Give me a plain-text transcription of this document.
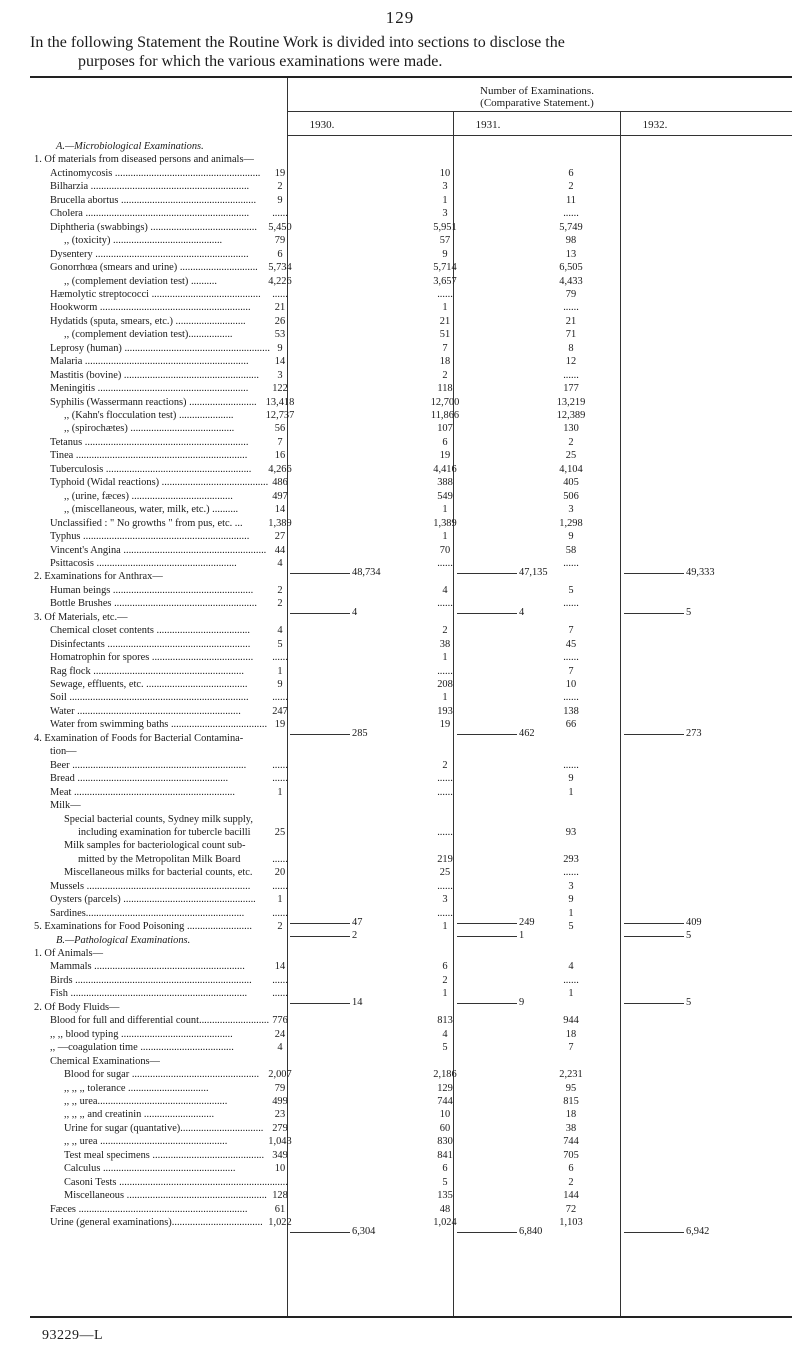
129
In the following Statement the Routine Work is divided into sections to disclose the
purposes for which the various examinations were made.
Number of Examinations.
(Comparative Statement.)
1930.	1931.	1932.
A.—Microbiological Examinations.
1. Of materials from diseased persons and animals—
Actinomycosis ........................................................	19	10	6
Bilharzia .............................................................	2	3	2
Brucella abortus ....................................................	9	1	11
Cholera ...............................................................	......	3	......
Diphtheria (swabbings) .........................................	5,450	5,951	5,749
,, (toxicity) ..........................................	79	57	98
Dysentery ...........................................................	6	9	13
Gonorrhœa (smears and urine) ..............................	5,734	5,714	6,505
,, (complement deviation test) ..........	4,226	3,657	4,433
Hæmolytic streptococci ..........................................	......	......	79
Hookworm ..........................................................	21	1	......
Hydatids (sputa, smears, etc.) ...........................	26	21	21
,, (complement deviation test).................	53	51	71
Leprosy (human) ........................................................ 9	7	8
Malaria ...............................................................	14	18	12
Mastitis (bovine) ....................................................	3	2	......
Meningitis ..........................................................	122	118	177
Syphilis (Wassermann reactions) .......................... 13,418	12,700	13,219
,, (Kahn's flocculation test) .....................	12,737	11,866	12,389
,, (spirochætes) ........................................	56	107	130
Tetanus ...............................................................	7	6	2
Tinea ..................................................................	16	19	25
Tuberculosis ........................................................	4,266	4,416	4,104
Typhoid (Widal reactions) ......................................... 486	388	405
,, (urine, fæces) .......................................	497	549	506
,, (miscellaneous, water, milk, etc.) ..........	14	1	3
Unclassified : " No growths " from pus, etc. ...	1,389	1,389	1,298
Typhus ................................................................	27	1	9
Vincent's Angina ....................................................... 44	70	58
Psittacosis ......................................................	4	......	......
48,734	47,135	49,333
2. Examinations for Anthrax—
Human beings ......................................................	2	4	5
Bottle Brushes .......................................................	2	......	......
4	4	5
3. Of Materials, etc.—
Chemical closet contents ....................................	4	2	7
Disinfectants .......................................................	5	38	45
Homatrophin for spores .......................................	......	1	......
Rag flock ..........................................................	1	......	7
Sewage, effluents, etc. .......................................	9	208	10
Soil .....................................................................	......	1	......
Water ...............................................................	247	193	138
Water from swimming baths ..................................... 19	19	66
285	462	273
4. Examination of Foods for Bacterial Contamina-
tion—
Beer ...................................................................	......	2	......
Bread ..........................................................	......	......	9
Meat ..............................................................	1	......	1
Milk—
Special bacterial counts, Sydney milk supply,
including examination for tubercle bacilli	25	......	93
Milk samples for bacteriological count sub-
mitted by the Metropolitan Milk Board	......	219	293
Miscellaneous milks for bacterial counts, etc.	20	25	......
Mussels ...............................................................	......	......	3
Oysters (parcels) ...................................................	1	3	9
Sardines.............................................................	......	......	1
47	249	409
5. Examinations for Food Poisoning .........................	2	1	5
2	1	5
B.—Pathological Examinations.
1. Of Animals—
Mammals ..........................................................	14	6	4
Birds ....................................................................	......	2	......
Fish ....................................................................	......	1	1
14	9	5
2. Of Body Fluids—
Blood for full and differential count........................... 776	813	944
,, ,, blood typing ...........................................	24	4	18
,, —coagulation time ....................................	4	5	7
Chemical Examinations—
Blood for sugar ................................................. 2,007	2,186	2,231
,, ,, ,, tolerance ...............................	79	129	95
,, ,, urea..................................................	499	744	815
,, ,, ,, and creatinin ...........................	23	10	18
Urine for sugar (quantative)................................ 279	60	38
,, ,, urea .................................................	1,043	830	744
Test meal specimens ........................................... 349	841	705
Calculus ...................................................	10	6	6
Casoni Tests ........................................................... ......	5	2
Miscellaneous ...................................................... 128	135	144
Fæces .................................................................	61	48	72
Urine (general examinations)................................... 1,022	1,024	1,103
6,304	6,840	6,942
93229—L
